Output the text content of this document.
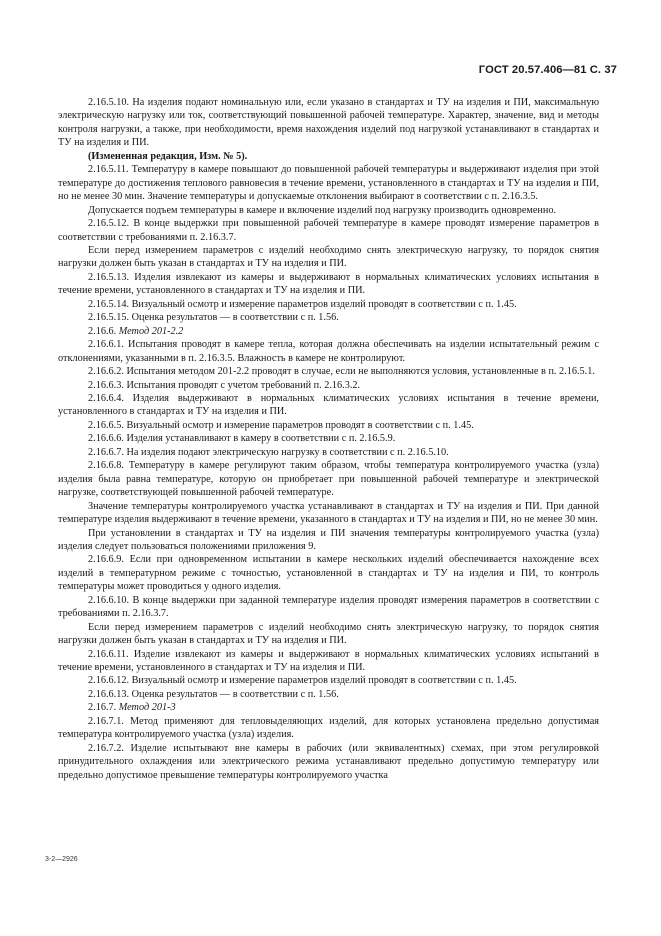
ГОСТ 20.57.406—81 С. 37

2.16.5.10. На изделия подают номинальную или, если указано в стандартах и ТУ на изделия и ПИ, максимальную электрическую нагрузку или ток, соответствующий повышенной рабочей температуре. Характер, значение, вид и методы контроля нагрузки, а также, при необходимости, время нахождения изделий под нагрузкой устанавливают в стандартах и ТУ на изделия и ПИ.

(Измененная редакция, Изм. № 5).

2.16.5.11. Температуру в камере повышают до повышенной рабочей температуры и выдерживают изделия при этой температуре до достижения теплового равновесия в течение времени, установленного в стандартах и ТУ на изделия и ПИ, но не менее 30 мин. Значение температуры и допускаемые отклонения выбирают в соответствии с п. 2.16.3.5.

Допускается подъем температуры в камере и включение изделий под нагрузку производить одновременно.

2.16.5.12. В конце выдержки при повышенной рабочей температуре в камере проводят измерение параметров в соответствии с требованиями п. 2.16.3.7.

Если перед измерением параметров с изделий необходимо снять электрическую нагрузку, то порядок снятия нагрузки должен быть указан в стандартах и ТУ на изделия и ПИ.

2.16.5.13. Изделия извлекают из камеры и выдерживают в нормальных климатических условиях испытания в течение времени, установленного в стандартах и ТУ на изделия и ПИ.

2.16.5.14. Визуальный осмотр и измерение параметров изделий проводят в соответствии с п. 1.45.

2.16.5.15. Оценка результатов — в соответствии с п. 1.56.

2.16.6. Метод 201-2.2

2.16.6.1. Испытания проводят в камере тепла, которая должна обеспечивать на изделии испытательный режим с отклонениями, указанными в п. 2.16.3.5. Влажность в камере не контролируют.

2.16.6.2. Испытания методом 201-2.2 проводят в случае, если не выполняются условия, установленные в п. 2.16.5.1.

2.16.6.3. Испытания проводят с учетом требований п. 2.16.3.2.

2.16.6.4. Изделия выдерживают в нормальных климатических условиях испытания в течение времени, установленного в стандартах и ТУ на изделия и ПИ.

2.16.6.5. Визуальный осмотр и измерение параметров проводят в соответствии с п. 1.45.

2.16.6.6. Изделия устанавливают в камеру в соответствии с п. 2.16.5.9.

2.16.6.7. На изделия подают электрическую нагрузку в соответствии с п. 2.16.5.10.

2.16.6.8. Температуру в камере регулируют таким образом, чтобы температура контролируемого участка (узла) изделия была равна температуре, которую он приобретает при повышенной рабочей температуре и электрической нагрузке, соответствующей повышенной рабочей температуре.

Значение температуры контролируемого участка устанавливают в стандартах и ТУ на изделия и ПИ. При данной температуре изделия выдерживают в течение времени, указанного в стандартах и ТУ на изделия и ПИ, но не менее 30 мин.

При установлении в стандартах и ТУ на изделия и ПИ значения температуры контролируемого участка (узла) изделия следует пользоваться положениями приложения 9.

2.16.6.9. Если при одновременном испытании в камере нескольких изделий обеспечивается нахождение всех изделий в температурном режиме с точностью, установленной в стандартах и ТУ на изделия и ПИ, то контроль температуры может проводиться у одного изделия.

2.16.6.10. В конце выдержки при заданной температуре изделия проводят измерения параметров в соответствии с требованиями п. 2.16.3.7.

Если перед измерением параметров с изделий необходимо снять электрическую нагрузку, то порядок снятия нагрузки должен быть указан в стандартах и ТУ на изделия и ПИ.

2.16.6.11. Изделие извлекают из камеры и выдерживают в нормальных климатических условиях испытаний в течение времени, установленного в стандартах и ТУ на изделия и ПИ.

2.16.6.12. Визуальный осмотр и измерение параметров изделий проводят в соответствии с п. 1.45.

2.16.6.13. Оценка результатов — в соответствии с п. 1.56.

2.16.7. Метод 201-3

2.16.7.1. Метод применяют для тепловыделяющих изделий, для которых установлена предельно допустимая температура контролируемого участка (узла) изделия.

2.16.7.2. Изделие испытывают вне камеры в рабочих (или эквивалентных) схемах, при этом регулировкой принудительного охлаждения или электрического режима устанавливают предельно допустимую температуру или предельно допустимое превышение температуры контролируемого участка

3-2—2926
